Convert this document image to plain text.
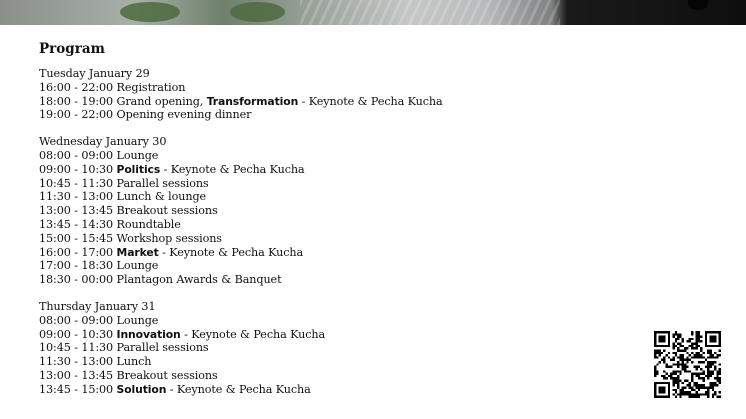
Program
Tuesday January 29
16:00 - 22:00 Registration
18:00 - 19:00 Grand opening, Transformation - Keynote & Pecha Kucha
19:00 - 22:00 Opening evening dinner
Wednesday January 30
08:00 - 09:00 Lounge
09:00 - 10:30 Politics - Keynote & Pecha Kucha
10:45 - 11:30 Parallel sessions
11:30 - 13:00 Lunch & lounge
13:00 - 13:45 Breakout sessions
13:45 - 14:30 Roundtable
15:00 - 15:45 Workshop sessions
16:00 - 17:00 Market - Keynote & Pecha Kucha
17:00 - 18:30 Lounge
18:30 - 00:00 Plantagon Awards & Banquet
Thursday January 31
08:00 - 09:00 Lounge
09:00 - 10:30 Innovation - Keynote & Pecha Kucha
10:45 - 11:30 Parallel sessions
11:30 - 13:00 Lunch
13:00 - 13:45 Breakout sessions
13:45 - 15:00 Solution - Keynote & Pecha Kucha
